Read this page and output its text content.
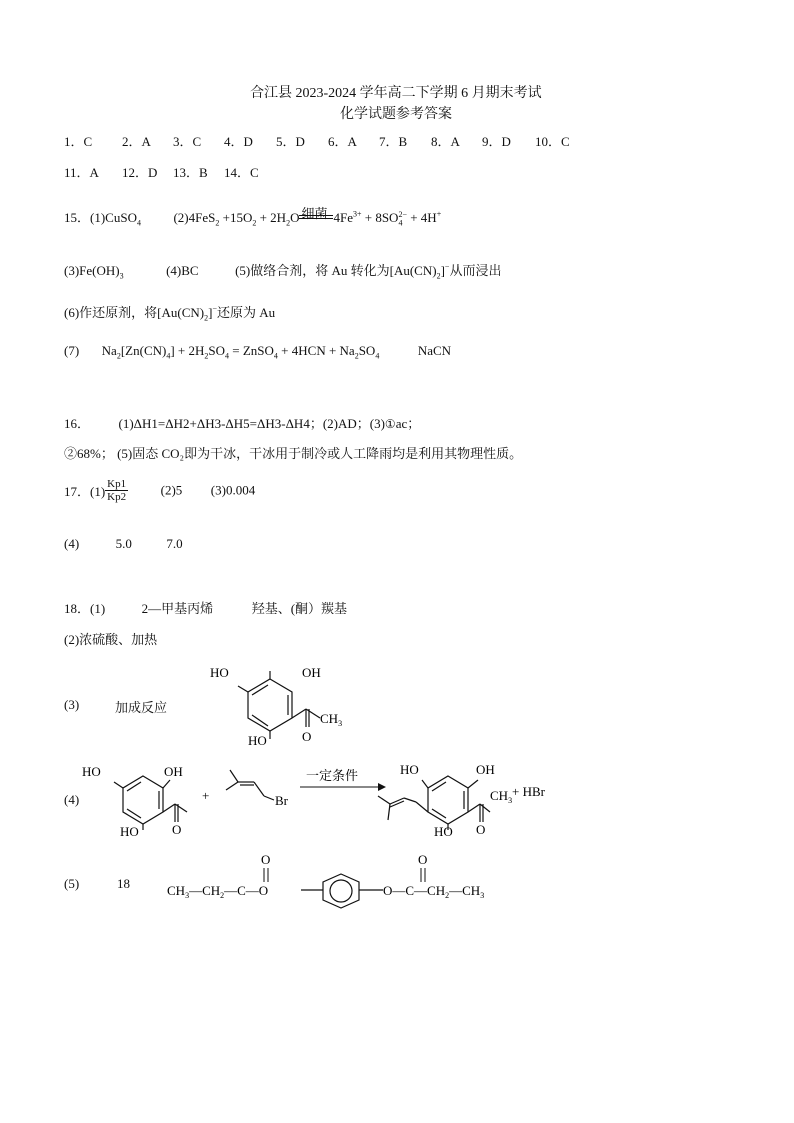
合江县 2023-2024 学年高二下学期 6 月期末考试
化学试题参考答案
1．C	2．A	3．C	4．D	5．D	6．A	7．B	8．A	9．D	10．C
11．A	12．D	13．B	14．C
15．(1)CuSO$_4$	$(2)4FeS_2 +15O_2 + 2H_2O$ 细菌 $4Fe^{3+} + 8SO_4^{2-} + 4H^+$
$(3)Fe(OH)_3$	(4)BC	(5)做络合剂，将 Au 转化为$[Au(CN)_2]^-$从而浸出
(6)作还原剂，将$[Au(CN)_2]^-$还原为 Au
(7)  $Na_2[Zn(CN)_4] + 2H_2SO_4$ = ZnSO$_4$ + $4HCN + Na_2SO_4$	NaCN
16． (1)ΔH1=ΔH2+ΔH3-ΔH5=ΔH3-ΔH4；(2)AD；(3)①ac；
②68%； (5)固态 CO₂即为干冰，干冰用于制冷或人工降雨均是利用其物理性质。
17．$(1) \frac{Kp1}{Kp2}$	(2)5 (3)0.004
(4)	5.0	7.0
18．(1)	2—甲基丙烯	羟基、(酮）羰基
(2)浓硫酸、加热
(3)	加成反应
HO	OH
$CH_3$
O
HO
(4)
HO	OH
HO	O
+	Br
一定条件	HO	OH
$CH_3$
HO O
+ HBr
(5)	18	$CH_3—CH_2—C—O$
O
$O—C—CH_2—CH_3$
O
